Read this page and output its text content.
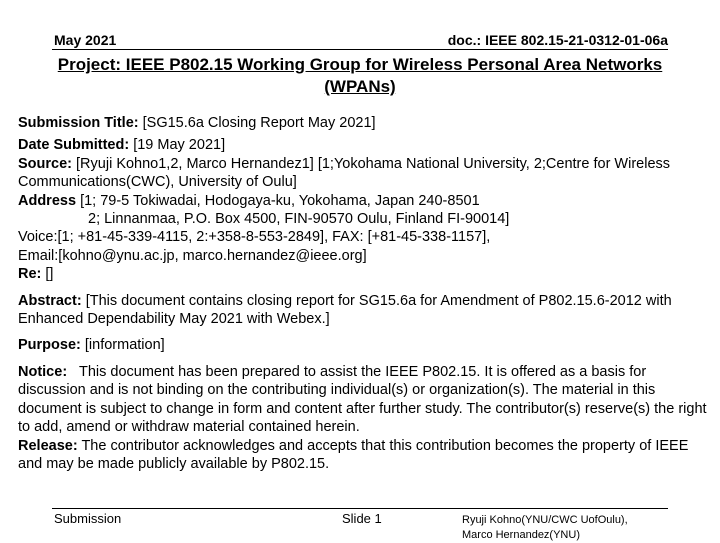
May 2021	doc.: IEEE 802.15-21-0312-01-06a
Project: IEEE P802.15 Working Group for Wireless Personal Area Networks (WPANs)

Submission Title: [SG15.6a Closing Report May 2021]

Date Submitted: [19 May 2021]

Source: [Ryuji Kohno1,2, Marco Hernandez1] [1;Yokohama National University, 2;Centre for Wireless Communications(CWC), University of Oulu]

Address [1; 79-5 Tokiwadai, Hodogaya-ku, Yokohama, Japan 240-8501

2; Linnanmaa, P.O. Box 4500, FIN-90570 Oulu, Finland FI-90014]

Voice:[1; +81-45-339-4115, 2:+358-8-553-2849], FAX: [+81-45-338-1157],

Email:[kohno@ynu.ac.jp, marco.hernandez@ieee.org]

Re: []

Abstract: [This document contains closing report for SG15.6a for Amendment of P802.15.6-2012 with Enhanced Dependability May 2021 with Webex.]

Purpose: [information]

Notice: This document has been prepared to assist the IEEE P802.15. It is offered as a basis for discussion and is not binding on the contributing individual(s) or organization(s). The material in this document is subject to change in form and content after further study. The contributor(s) reserve(s) the right to add, amend or withdraw material contained herein.

Release: The contributor acknowledges and accepts that this contribution becomes the property of IEEE and may be made publicly available by P802.15.

Submission	Slide 1	Ryuji Kohno(YNU/CWC UofOulu),
Marco Hernandez(YNU)
